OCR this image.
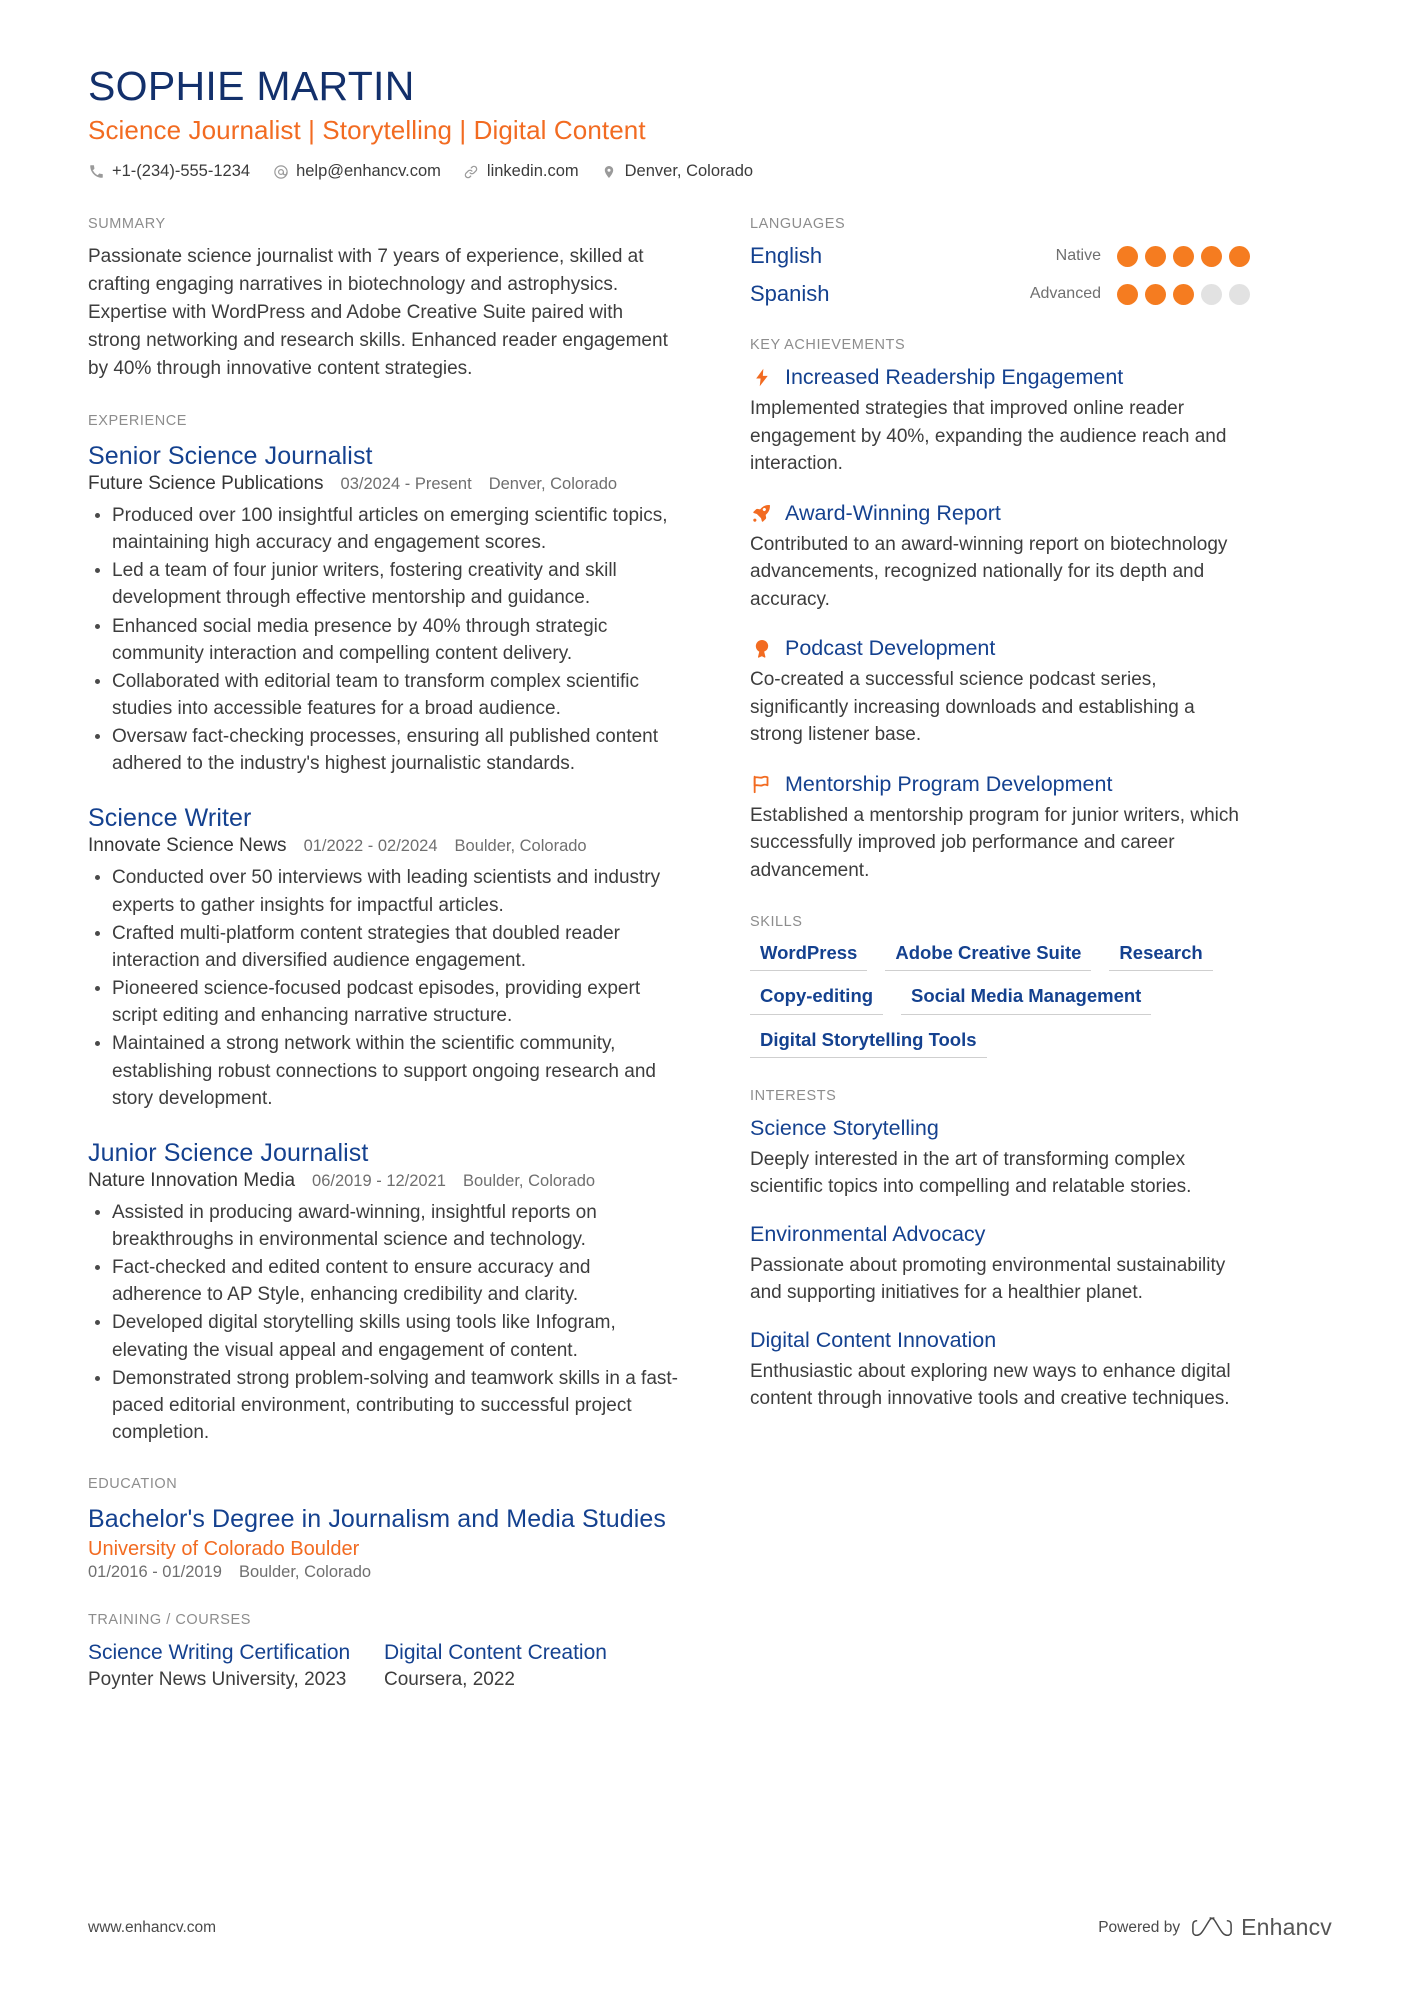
SOPHIE MARTIN
Science Journalist | Storytelling | Digital Content
+1-(234)-555-1234	help@enhancv.com	linkedin.com	Denver, Colorado
SUMMARY
Passionate science journalist with 7 years of experience, skilled at crafting engaging narratives in biotechnology and astrophysics. Expertise with WordPress and Adobe Creative Suite paired with strong networking and research skills. Enhanced reader engagement by 40% through innovative content strategies.
EXPERIENCE
Senior Science Journalist
Future Science Publications 03/2024 - Present Denver, Colorado
Produced over 100 insightful articles on emerging scientific topics, maintaining high accuracy and engagement scores.
Led a team of four junior writers, fostering creativity and skill development through effective mentorship and guidance.
Enhanced social media presence by 40% through strategic community interaction and compelling content delivery.
Collaborated with editorial team to transform complex scientific studies into accessible features for a broad audience.
Oversaw fact-checking processes, ensuring all published content adhered to the industry's highest journalistic standards.
Science Writer
Innovate Science News 01/2022 - 02/2024 Boulder, Colorado
Conducted over 50 interviews with leading scientists and industry experts to gather insights for impactful articles.
Crafted multi-platform content strategies that doubled reader interaction and diversified audience engagement.
Pioneered science-focused podcast episodes, providing expert script editing and enhancing narrative structure.
Maintained a strong network within the scientific community, establishing robust connections to support ongoing research and story development.
Junior Science Journalist
Nature Innovation Media 06/2019 - 12/2021 Boulder, Colorado
Assisted in producing award-winning, insightful reports on breakthroughs in environmental science and technology.
Fact-checked and edited content to ensure accuracy and adherence to AP Style, enhancing credibility and clarity.
Developed digital storytelling skills using tools like Infogram, elevating the visual appeal and engagement of content.
Demonstrated strong problem-solving and teamwork skills in a fast-paced editorial environment, contributing to successful project completion.
EDUCATION
Bachelor's Degree in Journalism and Media Studies
University of Colorado Boulder
01/2016 - 01/2019 Boulder, Colorado
TRAINING / COURSES
Science Writing Certification
Poynter News University, 2023
Digital Content Creation
Coursera, 2022
LANGUAGES
English	Native
Spanish	Advanced
KEY ACHIEVEMENTS
Increased Readership Engagement
Implemented strategies that improved online reader engagement by 40%, expanding the audience reach and interaction.
Award-Winning Report
Contributed to an award-winning report on biotechnology advancements, recognized nationally for its depth and accuracy.
Podcast Development
Co-created a successful science podcast series, significantly increasing downloads and establishing a strong listener base.
Mentorship Program Development
Established a mentorship program for junior writers, which successfully improved job performance and career advancement.
SKILLS
WordPress	Adobe Creative Suite	Research
Copy-editing	Social Media Management
Digital Storytelling Tools
INTERESTS
Science Storytelling
Deeply interested in the art of transforming complex scientific topics into compelling and relatable stories.
Environmental Advocacy
Passionate about promoting environmental sustainability and supporting initiatives for a healthier planet.
Digital Content Innovation
Enthusiastic about exploring new ways to enhance digital content through innovative tools and creative techniques.
www.enhancv.com	Powered by	Enhancv
